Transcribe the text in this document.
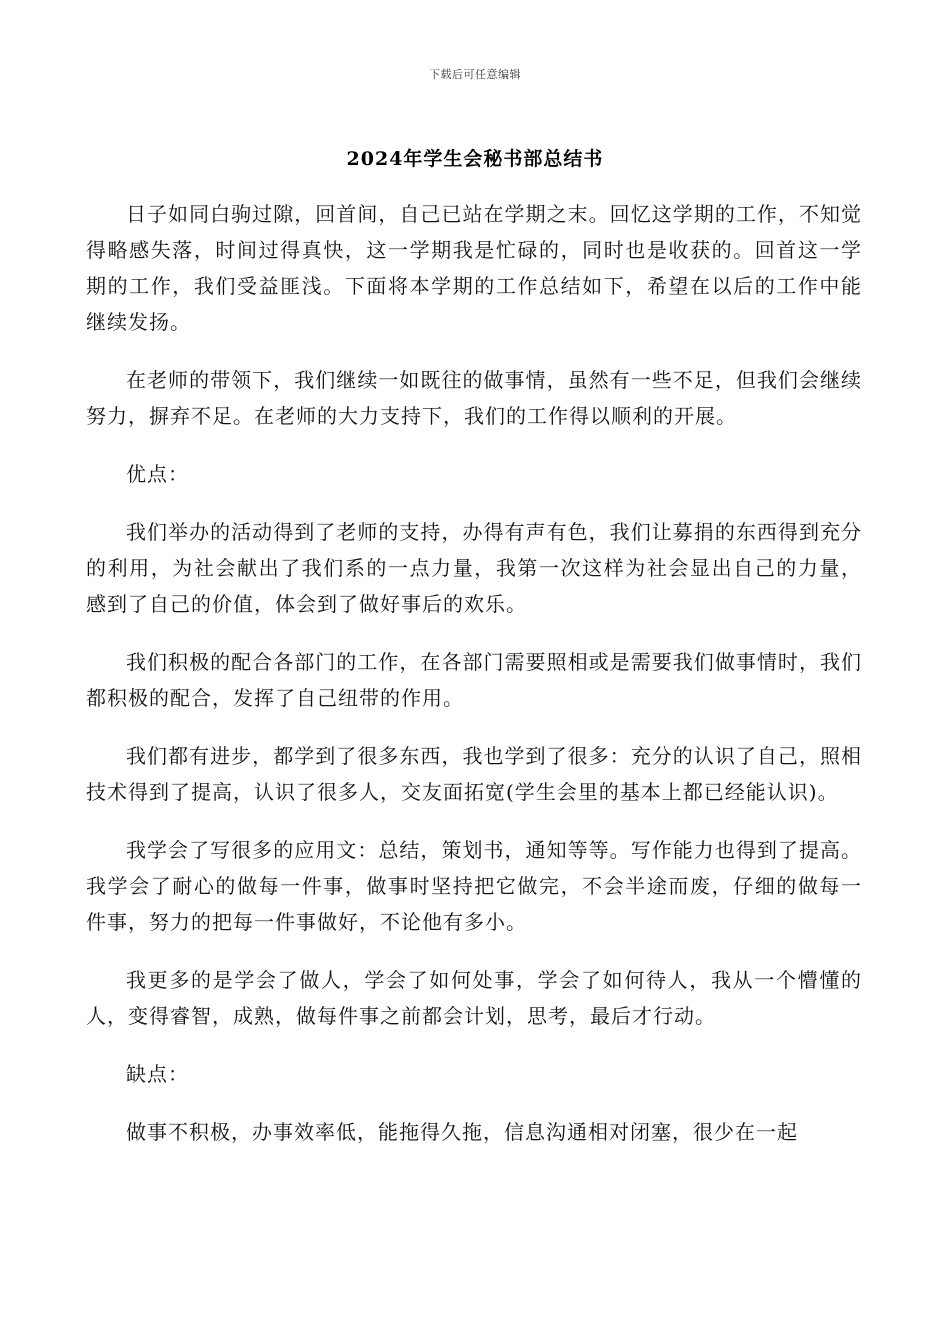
下载后可任意编辑
2024年学生会秘书部总结书

日子如同白驹过隙，回首间，自己已站在学期之末。回忆这学期的工作，不知觉得略感失落，时间过得真快，这一学期我是忙碌的，同时也是收获的。回首这一学期的工作，我们受益匪浅。下面将本学期的工作总结如下，希望在以后的工作中能继续发扬。

在老师的带领下，我们继续一如既往的做事情，虽然有一些不足，但我们会继续努力，摒弃不足。在老师的大力支持下，我们的工作得以顺利的开展。

优点：

我们举办的活动得到了老师的支持，办得有声有色，我们让募捐的东西得到充分的利用，为社会献出了我们系的一点力量，我第一次这样为社会显出自己的力量，感到了自己的价值，体会到了做好事后的欢乐。

我们积极的配合各部门的工作，在各部门需要照相或是需要我们做事情时，我们都积极的配合，发挥了自己纽带的作用。

我们都有进步，都学到了很多东西，我也学到了很多：充分的认识了自己，照相技术得到了提高，认识了很多人，交友面拓宽(学生会里的基本上都已经能认识)。

我学会了写很多的应用文：总结，策划书，通知等等。写作能力也得到了提高。我学会了耐心的做每一件事，做事时坚持把它做完，不会半途而废，仔细的做每一件事，努力的把每一件事做好，不论他有多小。

我更多的是学会了做人，学会了如何处事，学会了如何待人，我从一个懵懂的人，变得睿智，成熟，做每件事之前都会计划，思考，最后才行动。

缺点：

做事不积极，办事效率低，能拖得久拖，信息沟通相对闭塞，很少在一起
